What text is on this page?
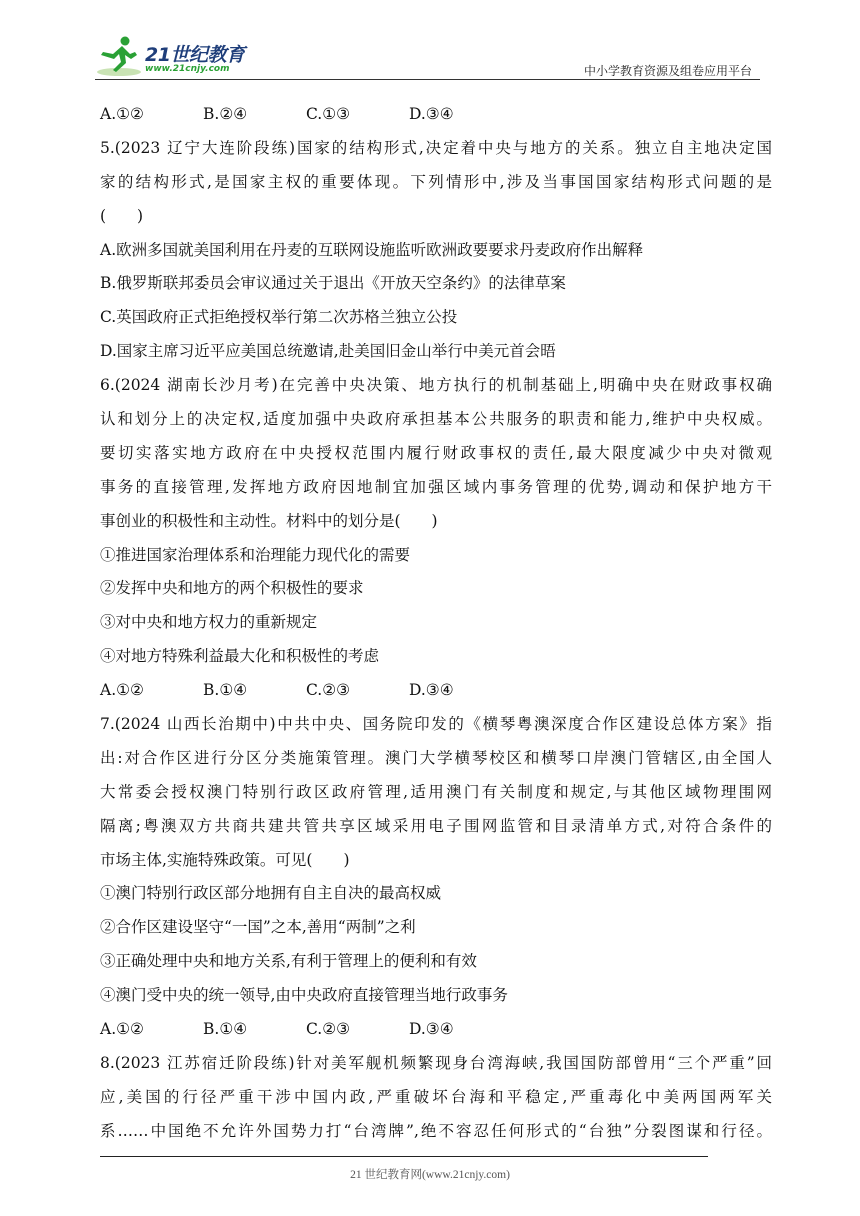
21世纪教育
www.21cnjy.com	中小学教育资源及组卷应用平台
A.①②	B.②④	C.①③	D.③④
5.(2023 辽宁大连阶段练)国家的结构形式,决定着中央与地方的关系。独立自主地决定国
家的结构形式,是国家主权的重要体现。下列情形中,涉及当事国国家结构形式问题的是
(　　)
A.欧洲多国就美国利用在丹麦的互联网设施监听欧洲政要要求丹麦政府作出解释
B.俄罗斯联邦委员会审议通过关于退出《开放天空条约》的法律草案
C.英国政府正式拒绝授权举行第二次苏格兰独立公投
D.国家主席习近平应美国总统邀请,赴美国旧金山举行中美元首会晤
6.(2024 湖南长沙月考)在完善中央决策、地方执行的机制基础上,明确中央在财政事权确
认和划分上的决定权,适度加强中央政府承担基本公共服务的职责和能力,维护中央权威。
要切实落实地方政府在中央授权范围内履行财政事权的责任,最大限度减少中央对微观
事务的直接管理,发挥地方政府因地制宜加强区域内事务管理的优势,调动和保护地方干
事创业的积极性和主动性。材料中的划分是(　　)
①推进国家治理体系和治理能力现代化的需要
②发挥中央和地方的两个积极性的要求
③对中央和地方权力的重新规定
④对地方特殊利益最大化和积极性的考虑
A.①②	B.①④	C.②③	D.③④
7.(2024 山西长治期中)中共中央、国务院印发的《横琴粤澳深度合作区建设总体方案》指
出:对合作区进行分区分类施策管理。澳门大学横琴校区和横琴口岸澳门管辖区,由全国人
大常委会授权澳门特别行政区政府管理,适用澳门有关制度和规定,与其他区域物理围网
隔离;粤澳双方共商共建共管共享区域采用电子围网监管和目录清单方式,对符合条件的
市场主体,实施特殊政策。可见(　　)
①澳门特别行政区部分地拥有自主自决的最高权威
②合作区建设坚守“一国”之本,善用“两制”之利
③正确处理中央和地方关系,有利于管理上的便利和有效
④澳门受中央的统一领导,由中央政府直接管理当地行政事务
A.①②	B.①④	C.②③	D.③④
8.(2023 江苏宿迁阶段练)针对美军舰机频繁现身台湾海峡,我国国防部曾用“三个严重”回
应,美国的行径严重干涉中国内政,严重破坏台海和平稳定,严重毒化中美两国两军关
系……中国绝不允许外国势力打“台湾牌”,绝不容忍任何形式的“台独”分裂图谋和行径。
21 世纪教育网(www.21cnjy.com)
